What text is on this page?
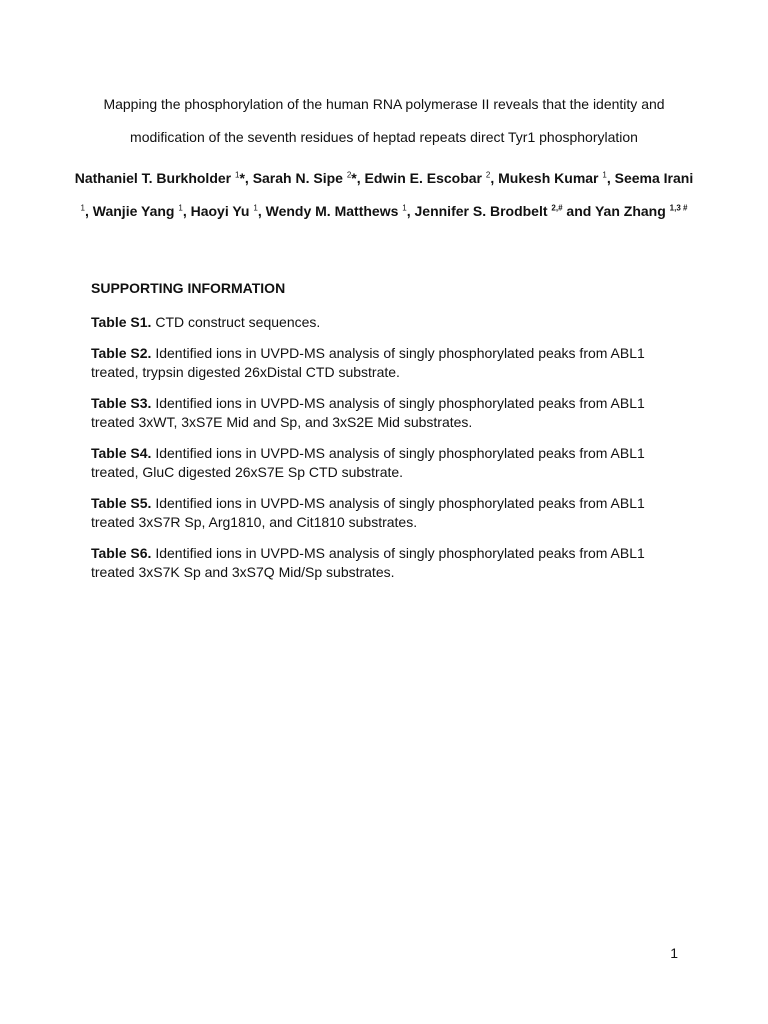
Mapping the phosphorylation of the human RNA polymerase II reveals that the identity and
modification of the seventh residues of heptad repeats direct Tyr1 phosphorylation

Nathaniel T. Burkholder $^1$*, Sarah N. Sipe $^2$*, Edwin E. Escobar $^2$, Mukesh Kumar $^1$, Seema Irani $^1$, Wanjie Yang $^1$, Haoyi Yu $^1$, Wendy M. Matthews $^1$, Jennifer S. Brodbelt $^{2,\#}$ and Yan Zhang $^{1,3 \#}$

SUPPORTING INFORMATION

Table S1. CTD construct sequences.
Table S2. Identified ions in UVPD-MS analysis of singly phosphorylated peaks from ABL1 treated, trypsin digested 26xDistal CTD substrate.
Table S3. Identified ions in UVPD-MS analysis of singly phosphorylated peaks from ABL1 treated 3xWT, 3xS7E Mid and Sp, and 3xS2E Mid substrates.
Table S4. Identified ions in UVPD-MS analysis of singly phosphorylated peaks from ABL1 treated, GluC digested 26xS7E Sp CTD substrate.
Table S5. Identified ions in UVPD-MS analysis of singly phosphorylated peaks from ABL1 treated 3xS7R Sp, Arg1810, and Cit1810 substrates.
Table S6. Identified ions in UVPD-MS analysis of singly phosphorylated peaks from ABL1 treated 3xS7K Sp and 3xS7Q Mid/Sp substrates.
1
